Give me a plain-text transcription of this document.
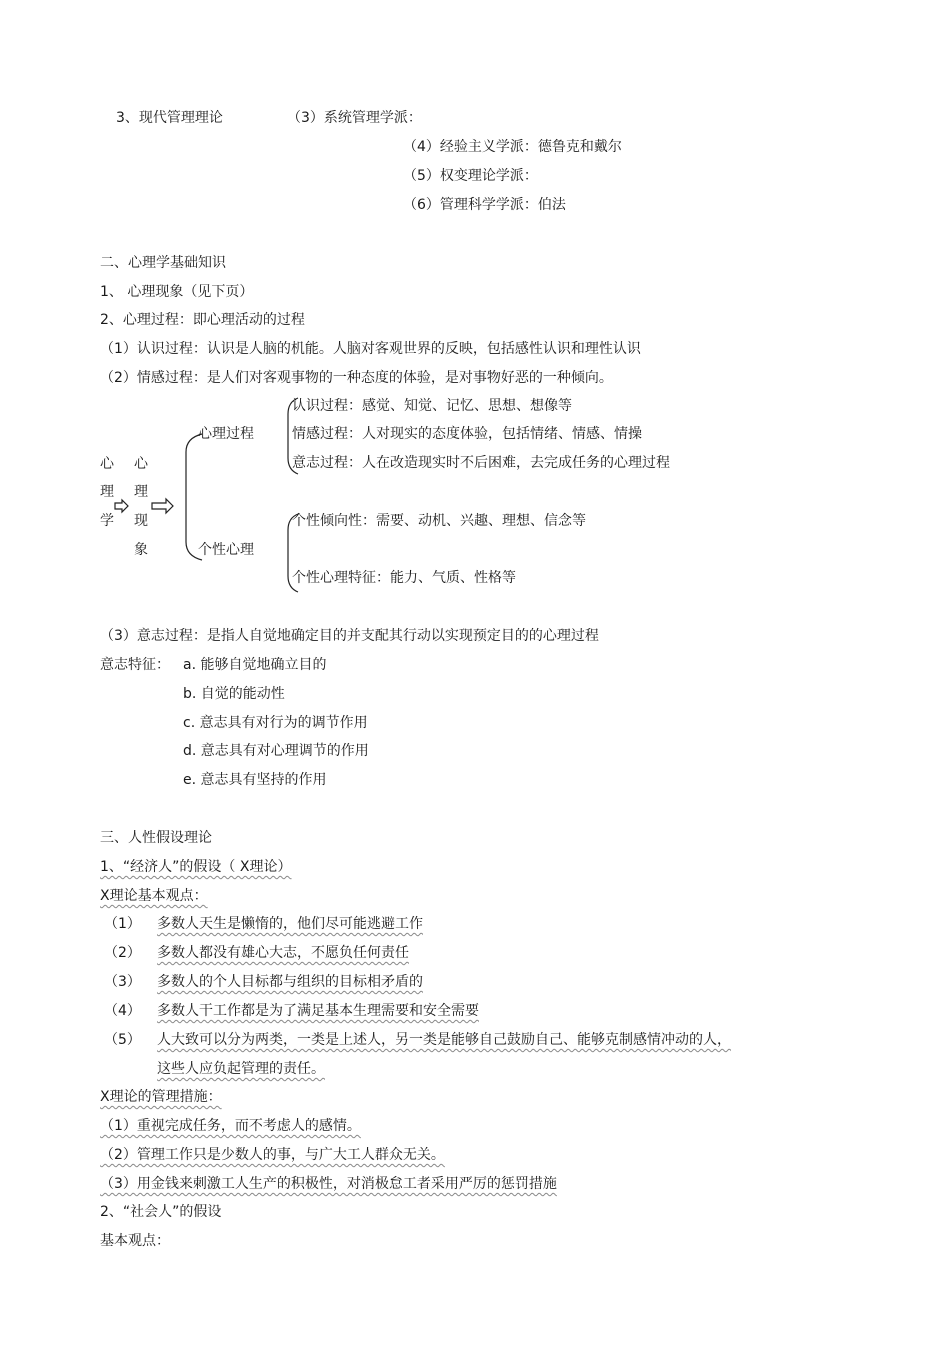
3、现代管理理论	（3）系统管理学派：
（4）经验主义学派：德鲁克和戴尔
（5）权变理论学派：
（6）管理科学学派：伯法
二、心理学基础知识
1、 心理现象（见下页）
2、心理过程：即心理活动的过程
（1）认识过程：认识是人脑的机能。人脑对客观世界的反映，包括感性认识和理性认识
（2）情感过程：是人们对客观事物的一种态度的体验，是对事物好恶的一种倾向。
心
理
学
心
理
现
象
心理过程
个性心理
认识过程：感觉、知觉、记忆、思想、想像等
情感过程：人对现实的态度体验，包括情绪、情感、情操
意志过程：人在改造现实时不后困难，去完成任务的心理过程
个性倾向性：需要、动机、兴趣、理想、信念等
个性心理特征：能力、气质、性格等
（3）意志过程：是指人自觉地确定目的并支配其行动以实现预定目的的心理过程
意志特征： a. 能够自觉地确立目的
b. 自觉的能动性
c. 意志具有对行为的调节作用
d. 意志具有对心理调节的作用
e. 意志具有坚持的作用
三、人性假设理论
1、“经济人”的假设（ X理论）
X理论基本观点：
（1） 多数人天生是懒惰的，他们尽可能逃避工作
（2） 多数人都没有雄心大志，不愿负任何责任
（3） 多数人的个人目标都与组织的目标相矛盾的
（4） 多数人干工作都是为了满足基本生理需要和安全需要
（5） 人大致可以分为两类，一类是上述人，另一类是能够自己鼓励自己、能够克制感情冲动的人，
这些人应负起管理的责任。
X理论的管理措施：
（1）重视完成任务，而不考虑人的感情。
（2）管理工作只是少数人的事，与广大工人群众无关。
（3）用金钱来刺激工人生产的积极性，对消极怠工者采用严厉的惩罚措施
2、“社会人”的假设
基本观点：
